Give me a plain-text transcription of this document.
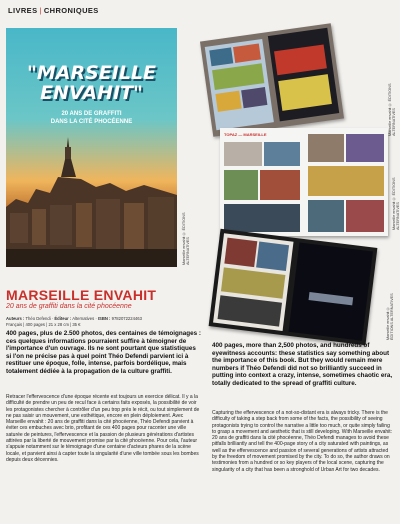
LIVRES | CHRONIQUES
"MARSEILLE ENVAHIT"
20 ANS DE GRAFFITI
DANS LA CITÉ PHOCÉENNE
Marseille envahit © ÉDITIONS ALTERNATIVES
Marseille envahit © ÉDITIONS ALTERNATIVES
TOPAZ — MARSEILLE
Marseille envahit © ÉDITIONS ALTERNATIVES
Marseille envahit © ÉDITIONS ALTERNATIVES
MARSEILLE ENVAHIT
20 ans de graffiti dans la cité phocéenne
Auteurs : Théo Defendi · Éditeur : Alternatives · ISBN : 9782072224463
Français | 400 pages | 21 x 28 cm | 35 €
400 pages, plus de 2.500 photos, des centaines de témoignages : ces quelques informations pourraient suffire à témoigner de l'importance d'un ouvrage. Ils ne sont pourtant que statistiques si l'on ne précise pas à quel point Théo Defendi parvient ici à restituer une époque, folle, intense, parfois bordélique, mais totalement dédiée à la propagation de la culture graffiti.
Retracer l'effervescence d'une époque récente est toujours un exercice délicat. Il y a la difficulté de prendre un peu de recul face à certains faits exposés, la possibilité de voir les protagonistes chercher à contrôler d'un peu trop près le récit, ou tout simplement de ne pas saisir un mouvement, une esthétique, encore en plein déploiement. Avec Marseille envahit : 20 ans de graffiti dans la cité phocéenne, Théo Defendi parvient à éviter ces embuches avec brio, profitant de ces 400 pages pour raconter une ville saturée de peintures, l'effervescence et la passion de plusieurs générations d'artistes attirées par la liberté de mouvement promise par la cité phocéenne. Pour cela, l'auteur s'appuie notamment sur le témoignage d'une centaine d'acteurs phares de la scène locale, et parvient ainsi à capter toute la singularité d'une ville tombée sous les bombes depuis deux décennies.
400 pages, more than 2,500 photos, and hundreds of eyewitness accounts: these statistics say something about the importance of this book. But they would remain mere numbers if Théo Defendi did not so brilliantly succeed in putting into context a crazy, intense, sometimes chaotic era, totally dedicated to the spread of graffiti culture.
Capturing the effervescence of a not-so-distant era is always tricky. There is the difficulty of taking a step back from some of the facts, the possibility of seeing protagonists trying to control the narrative a little too much, or quite simply failing to grasp a movement and aesthetic that is still developing. With Marseille envahit: 20 ans de graffiti dans la cité phocéenne, Théo Defendi manages to avoid these pitfalls brilliantly and tell the 400-page story of a city saturated with paintings, as well as the effervescence and passion of several generations of artists attracted by the freedom of movement promised by the city. To do so, the author draws on testimonies from a hundred or so key players of the local scene, capturing the singularity of a city that has been a stronghold of Urban Art for two decades.
